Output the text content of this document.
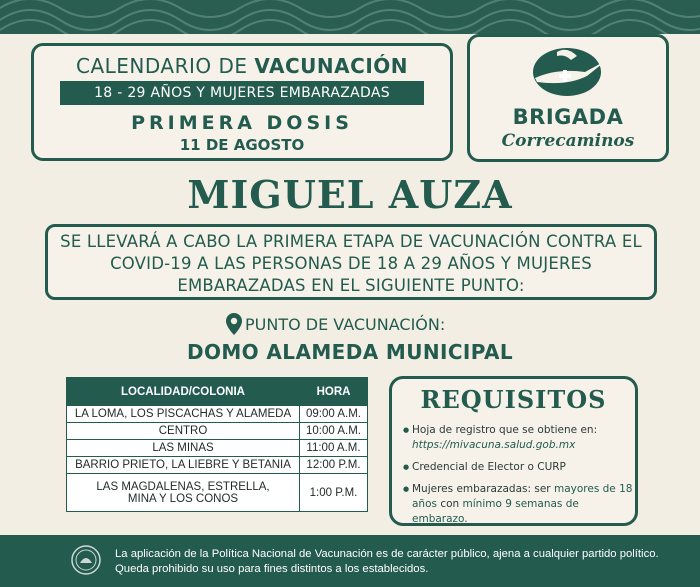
CALENDARIO DE VACUNACIÓN
18 - 29 AÑOS Y MUJERES EMBARAZADAS
PRIMERA DOSIS
11 DE AGOSTO
BRIGADA
Correcaminos
MIGUEL AUZA
SE LLEVARÁ A CABO LA PRIMERA ETAPA DE VACUNACIÓN CONTRA EL COVID-19 A LAS PERSONAS DE 18 A 29 AÑOS Y MUJERES EMBARAZADAS EN EL SIGUIENTE PUNTO:
PUNTO DE VACUNACIÓN:
DOMO ALAMEDA MUNICIPAL
LOCALIDAD/COLONIA	HORA
LA LOMA, LOS PISCACHAS Y ALAMEDA	09:00 A.M.
CENTRO	10:00 A.M.
LAS MINAS	11:00 A.M.
BARRIO PRIETO, LA LIEBRE Y BETANIA	12:00 P.M.
LAS MAGDALENAS, ESTRELLA, MINA Y LOS CONOS	1:00 P.M.
REQUISITOS
● Hoja de registro que se obtiene en: https://mivacuna.salud.gob.mx
● Credencial de Elector o CURP
● Mujeres embarazadas: ser mayores de 18 años con mínimo 9 semanas de embarazo.
La aplicación de la Política Nacional de Vacunación es de carácter público, ajena a cualquier partido político. Queda prohibido su uso para fines distintos a los establecidos.
